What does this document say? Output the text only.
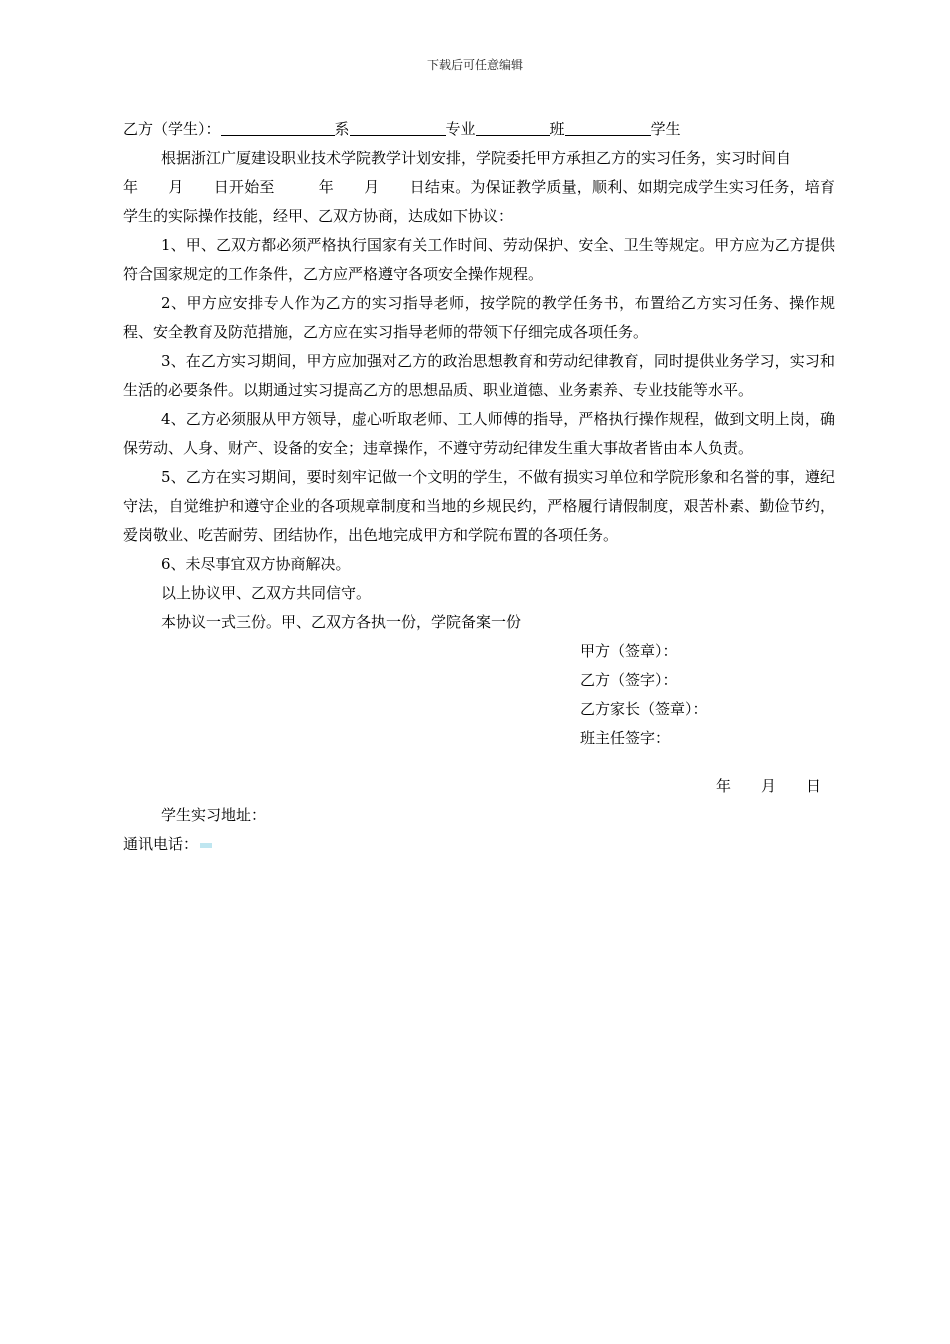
下载后可任意编辑
乙方（学生）：	系	专业	班	学生
根据浙江广厦建设职业技术学院教学计划安排，学院委托甲方承担乙方的实习任务，实习时间自年 月 日开始至	年 月 日结束。为保证教学质量，顺利、如期完成学生实习任务，培育学生的实际操作技能，经甲、乙双方协商，达成如下协议：
1、甲、乙双方都必须严格执行国家有关工作时间、劳动保护、安全、卫生等规定。甲方应为乙方提供符合国家规定的工作条件，乙方应严格遵守各项安全操作规程。
2、甲方应安排专人作为乙方的实习指导老师，按学院的教学任务书，布置给乙方实习任务、操作规程、安全教育及防范措施，乙方应在实习指导老师的带领下仔细完成各项任务。
3、在乙方实习期间，甲方应加强对乙方的政治思想教育和劳动纪律教育，同时提供业务学习，实习和生活的必要条件。以期通过实习提高乙方的思想品质、职业道德、业务素养、专业技能等水平。
4、乙方必须服从甲方领导，虚心听取老师、工人师傅的指导，严格执行操作规程，做到文明上岗，确保劳动、人身、财产、设备的安全；违章操作，不遵守劳动纪律发生重大事故者皆由本人负责。
5、乙方在实习期间，要时刻牢记做一个文明的学生，不做有损实习单位和学院形象和名誉的事，遵纪守法，自觉维护和遵守企业的各项规章制度和当地的乡规民约，严格履行请假制度，艰苦朴素、勤俭节约，爱岗敬业、吃苦耐劳、团结协作，出色地完成甲方和学院布置的各项任务。
6、未尽事宜双方协商解决。
以上协议甲、乙双方共同信守。
本协议一式三份。甲、乙双方各执一份，学院备案一份
甲方（签章）：
乙方（签字）：
乙方家长（签章）：
班主任签字：
年 月 日
学生实习地址：
通讯电话：
